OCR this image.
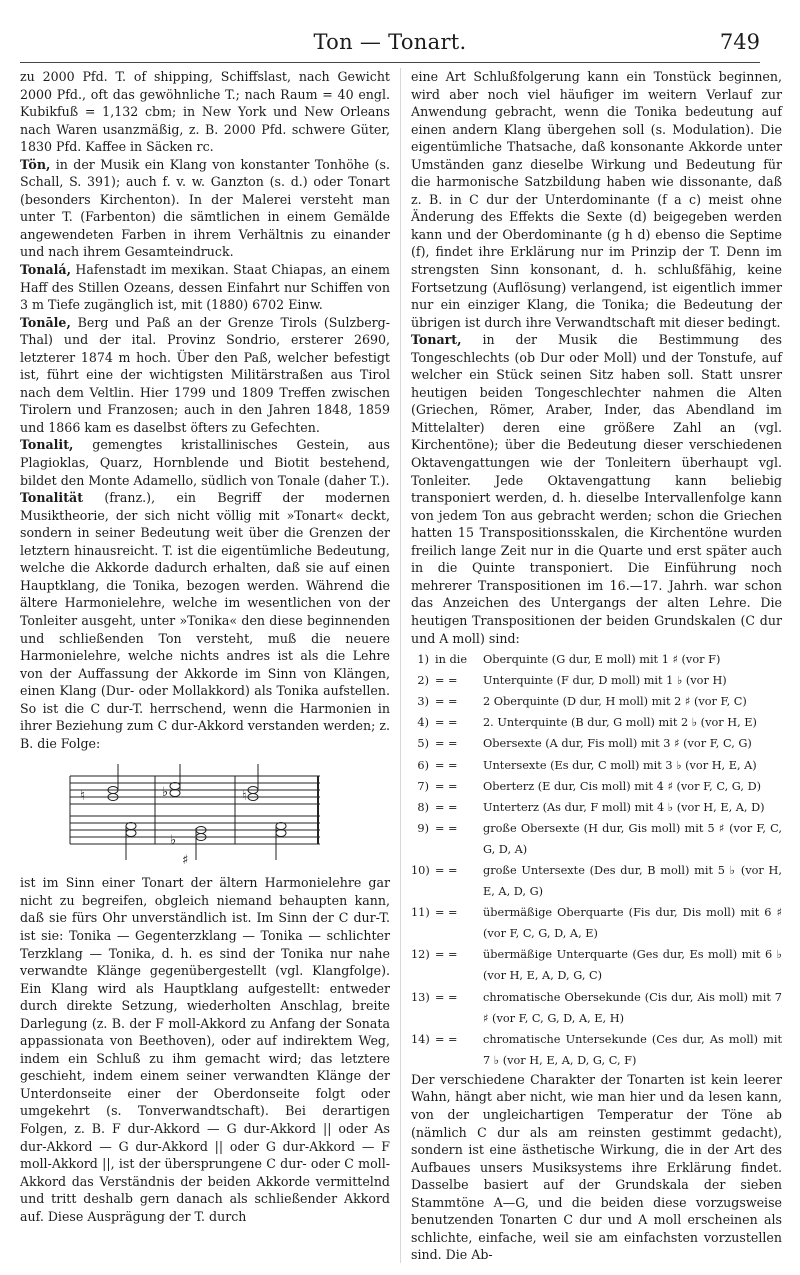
Ton — Tonart.	749

zu 2000 Pfd. T. of shipping, Schiffslast, nach Gewicht 2000 Pfd., oft das gewöhnliche T.; nach Raum = 40 engl. Kubikfuß = 1,132 cbm; in New York und New Orleans nach Waren usanzmäßig, z. B. 2000 Pfd. schwere Güter, 1830 Pfd. Kaffee in Säcken rc.

Tön, in der Musik ein Klang von konstanter Tonhöhe (s. Schall, S. 391); auch f. v. w. Ganzton (s. d.) oder Tonart (besonders Kirchenton). In der Malerei versteht man unter T. (Farbenton) die sämtlichen in einem Gemälde angewendeten Farben in ihrem Verhältnis zu einander und nach ihrem Gesamteindruck.

Tonalá, Hafenstadt im mexikan. Staat Chiapas, an einem Haff des Stillen Ozeans, dessen Einfahrt nur Schiffen von 3 m Tiefe zugänglich ist, mit (1880) 6702 Einw.

Tonāle, Berg und Paß an der Grenze Tirols (Sulzberg-Thal) und der ital. Provinz Sondrio, ersterer 2690, letzterer 1874 m hoch. Über den Paß, welcher befestigt ist, führt eine der wichtigsten Militärstraßen aus Tirol nach dem Veltlin. Hier 1799 und 1809 Treffen zwischen Tirolern und Franzosen; auch in den Jahren 1848, 1859 und 1866 kam es daselbst öfters zu Gefechten.

Tonalit, gemengtes kristallinisches Gestein, aus Plagioklas, Quarz, Hornblende und Biotit bestehend, bildet den Monte Adamello, südlich von Tonale (daher T.).

Tonalität (franz.), ein Begriff der modernen Musiktheorie, der sich nicht völlig mit »Tonart« deckt, sondern in seiner Bedeutung weit über die Grenzen der letztern hinausreicht. T. ist die eigentümliche Bedeutung, welche die Akkorde dadurch erhalten, daß sie auf einen Hauptklang, die Tonika, bezogen werden. Während die ältere Harmonielehre, welche im wesentlichen von der Tonleiter ausgeht, unter »Tonika« den diese beginnenden und schließenden Ton versteht, muß die neuere Harmonielehre, welche nichts andres ist als die Lehre von der Auffassung der Akkorde im Sinn von Klängen, einen Klang (Dur- oder Mollakkord) als Tonika aufstellen. So ist die C dur-T. herrschend, wenn die Harmonien in ihrer Beziehung zum C dur-Akkord verstanden werden; z. B. die Folge:

♮	♭
♭
♯
♮

ist im Sinn einer Tonart der ältern Harmonielehre gar nicht zu begreifen, obgleich niemand behaupten kann, daß sie fürs Ohr unverständlich ist. Im Sinn der C dur-T. ist sie: Tonika — Gegenterzklang — Tonika — schlichter Terzklang — Tonika, d. h. es sind der Tonika nur nahe verwandte Klänge gegenübergestellt (vgl. Klangfolge). Ein Klang wird als Hauptklang aufgestellt: entweder durch direkte Setzung, wiederholten Anschlag, breite Darlegung (z. B. der F moll-Akkord zu Anfang der Sonata appassionata von Beethoven), oder auf indirektem Weg, indem ein Schluß zu ihm gemacht wird; das letztere geschieht, indem einem seiner verwandten Klänge der Unterdonseite einer der Oberdonseite folgt oder umgekehrt (s. Tonverwandtschaft). Bei derartigen Folgen, z. B. F dur-Akkord — G dur-Akkord || oder As dur-Akkord — G dur-Akkord || oder G dur-Akkord — F moll-Akkord ||, ist der übersprungene C dur- oder C moll-Akkord das Verständnis der beiden Akkorde vermittelnd und tritt deshalb gern danach als schließender Akkord auf. Diese Ausprägung der T. durch

eine Art Schlußfolgerung kann ein Tonstück beginnen, wird aber noch viel häufiger im weitern Verlauf zur Anwendung gebracht, wenn die Tonika bedeutung auf einen andern Klang übergehen soll (s. Modulation). Die eigentümliche Thatsache, daß konsonante Akkorde unter Umständen ganz dieselbe Wirkung und Bedeutung für die harmonische Satzbildung haben wie dissonante, daß z. B. in C dur der Unterdominante (f a c) meist ohne Änderung des Effekts die Sexte (d) beigegeben werden kann und der Oberdominante (g h d) ebenso die Septime (f), findet ihre Erklärung nur im Prinzip der T. Denn im strengsten Sinn konsonant, d. h. schlußfähig, keine Fortsetzung (Auflösung) verlangend, ist eigentlich immer nur ein einziger Klang, die Tonika; die Bedeutung der übrigen ist durch ihre Verwandtschaft mit dieser bedingt.

Tonart, in der Musik die Bestimmung des Tongeschlechts (ob Dur oder Moll) und der Tonstufe, auf welcher ein Stück seinen Sitz haben soll. Statt unsrer heutigen beiden Tongeschlechter nahmen die Alten (Griechen, Römer, Araber, Inder, das Abendland im Mittelalter) deren eine größere Zahl an (vgl. Kirchentöne); über die Bedeutung dieser verschiedenen Oktavengattungen wie der Tonleitern überhaupt vgl. Tonleiter. Jede Oktavengattung kann beliebig transponiert werden, d. h. dieselbe Intervallenfolge kann von jedem Ton aus gebracht werden; schon die Griechen hatten 15 Transpositionsskalen, die Kirchentöne wurden freilich lange Zeit nur in die Quarte und erst später auch in die Quinte transponiert. Die Einführung noch mehrerer Transpositionen im 16.—17. Jahrh. war schon das Anzeichen des Untergangs der alten Lehre. Die heutigen Transpositionen der beiden Grundskalen (C dur und A moll) sind:

1) in die Oberquinte (G dur, E moll) mit 1 ♯ (vor F)
2) = = Unterquinte (F dur, D moll) mit 1 ♭ (vor H)
3) = = 2 Oberquinte (D dur, H moll) mit 2 ♯ (vor F, C)
4) = = 2. Unterquinte (B dur, G moll) mit 2 ♭ (vor H, E)
5) = = Obersexte (A dur, Fis moll) mit 3 ♯ (vor F, C, G)
6) = = Untersexte (Es dur, C moll) mit 3 ♭ (vor H, E, A)
7) = = Oberterz (E dur, Cis moll) mit 4 ♯ (vor F, C, G, D)
8) = = Unterterz (As dur, F moll) mit 4 ♭ (vor H, E, A, D)
9) = = große Obersexte (H dur, Gis moll) mit 5 ♯ (vor F, C, G, D, A)
10) = = große Untersexte (Des dur, B moll) mit 5 ♭ (vor H, E, A, D, G)
11) = = übermäßige Oberquarte (Fis dur, Dis moll) mit 6 ♯ (vor F, C, G, D, A, E)
12) = = übermäßige Unterquarte (Ges dur, Es moll) mit 6 ♭ (vor H, E, A, D, G, C)
13) = = chromatische Obersekunde (Cis dur, Ais moll) mit 7 ♯ (vor F, C, G, D, A, E, H)
14) = = chromatische Untersekunde (Ces dur, As moll) mit 7 ♭ (vor H, E, A, D, G, C, F)

Der verschiedene Charakter der Tonarten ist kein leerer Wahn, hängt aber nicht, wie man hier und da lesen kann, von der ungleichartigen Temperatur der Töne ab (nämlich C dur als am reinsten gestimmt gedacht), sondern ist eine ästhetische Wirkung, die in der Art des Aufbaues unsers Musiksystems ihre Erklärung findet. Dasselbe basiert auf der Grundskala der sieben Stammtöne A—G, und die beiden diese vorzugsweise benutzenden Tonarten C dur und A moll erscheinen als schlichte, einfache, weil sie am einfachsten vorzustellen sind. Die Ab-
